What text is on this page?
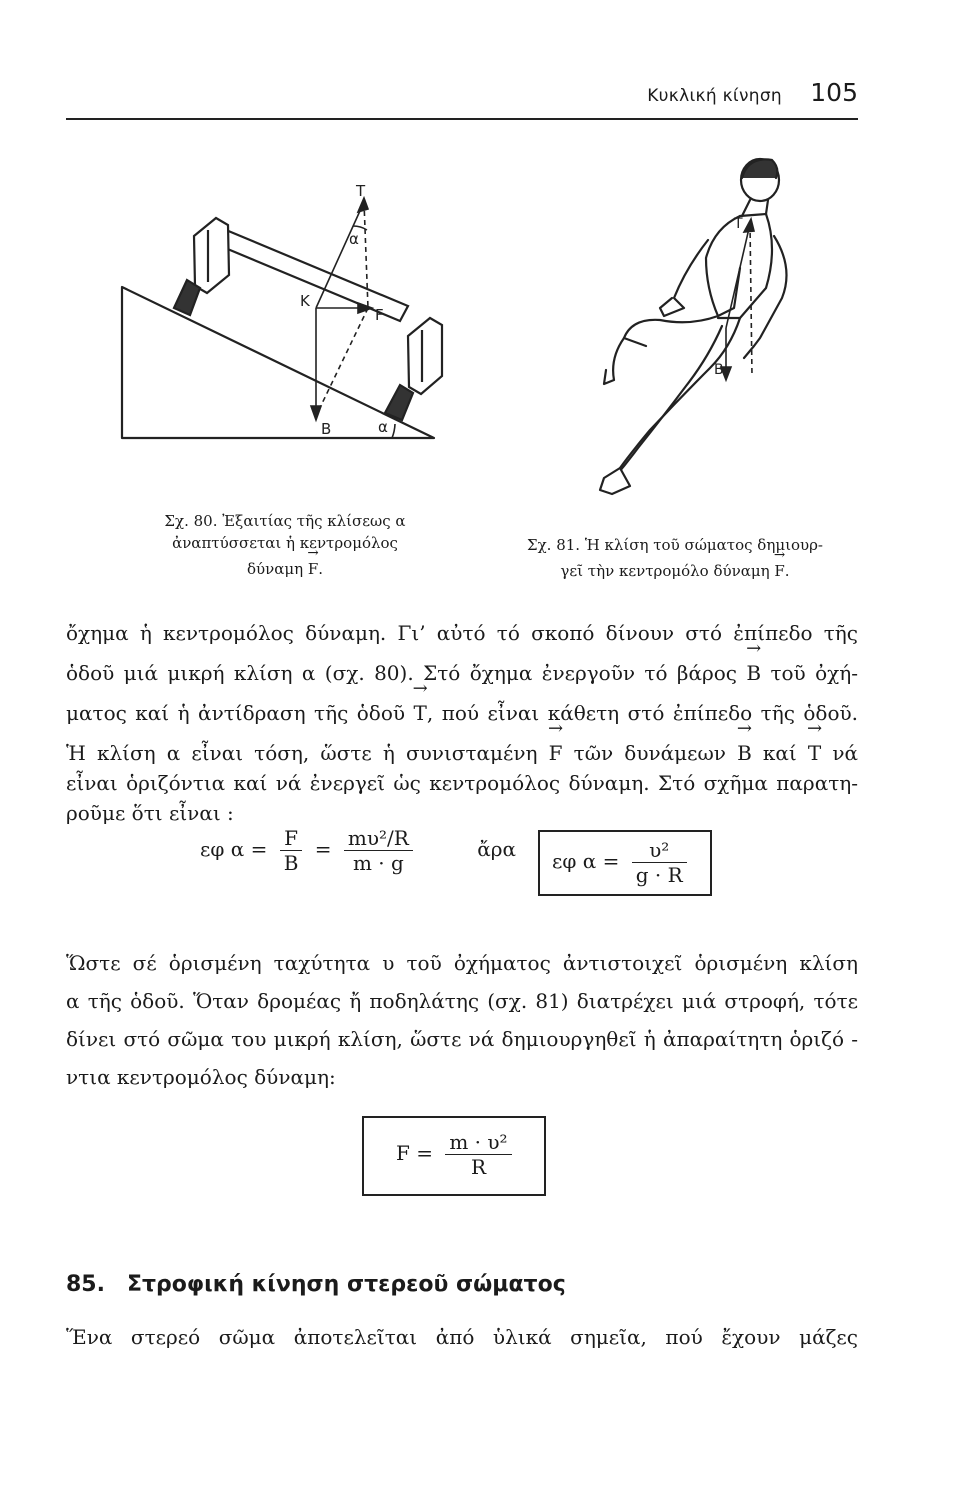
Κυκλική κίνηση 105
T
α
K
F
B	α
Σχ. 80. Ἐξαιτίας τῆς κλίσεως α
ἀναπτύσσεται ἡ κεντρομόλος
δύναμη → F.
T
B
Σχ. 81. Ἡ κλίση τοῦ σώματος δημιουρ-
γεῖ τὴν κεντρομόλο δύναμη → F.
ὄχημα ἡ κεντρομόλος δύναμη. Γι’ αὐτό τό σκοπό δίνουν στό ἐπίπεδο τῆς
ὁδοῦ μιά μικρή κλίση α (σχ. 80). Στό ὄχημα ἐνεργοῦν τό βάρος → B τοῦ ὀχή-
ματος καί ἡ ἀντίδραση τῆς ὁδοῦ → T, πού εἶναι κάθετη στό ἐπίπεδο τῆς ὁδοῦ.
Ἡ κλίση α εἶναι τόση, ὥστε ἡ συνισταμένη → F τῶν δυνάμεων → B καί → T νά
εἶναι ὁριζόντια καί νά ἐνεργεῖ ὡς κεντρομόλος δύναμη. Στό σχῆμα παρατη-
ροῦμε ὅτι εἶναι :
εφ $\alpha = \frac{F}{B} = \frac{\text{mυ²/R}}{m \cdot g}$	ἄρα εφ $\alpha = \frac{\text{υ²}}{g \cdot R}$
Ὥστε σέ ὁρισμένη ταχύτητα υ τοῦ ὀχήματος ἀντιστοιχεῖ ὁρισμένη κλίση
α τῆς ὁδοῦ. Ὅταν δρομέας ἤ ποδηλάτης (σχ. 81) διατρέχει μιά στροφή, τότε
δίνει στό σῶμα του μικρή κλίση, ὥστε νά δημιουργηθεῖ ἡ ἀπαραίτητη ὁριζό -
ντια κεντρομόλος δύναμη:
$F = \frac{\text{m · υ²}}{R}$
85. Στροφική κίνηση στερεοῦ σώματος
Ἕνα στερεό σῶμα ἀποτελεῖται ἀπό ὑλικά σημεῖα, πού ἔχουν μάζες
